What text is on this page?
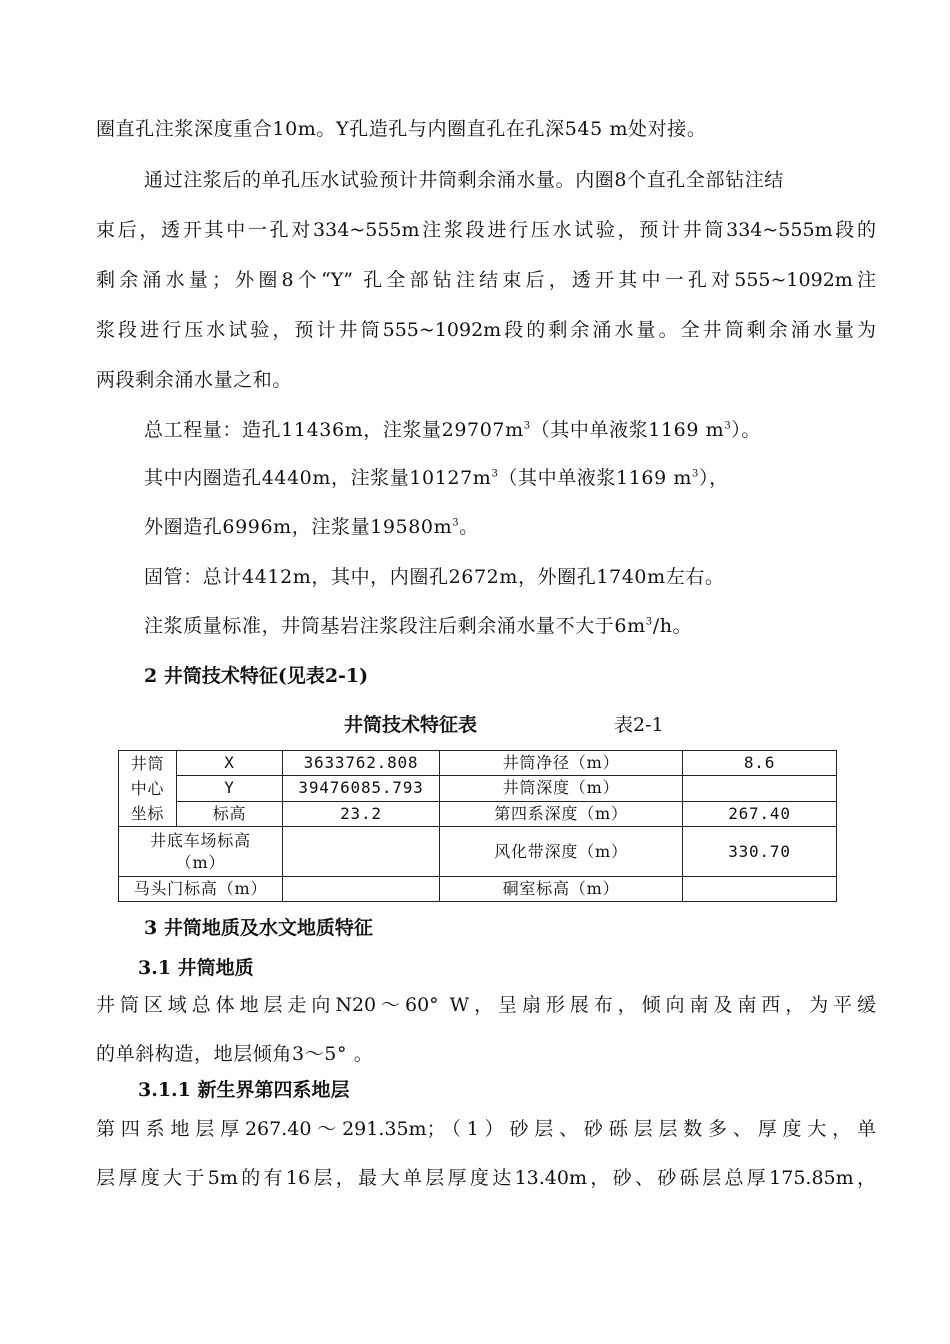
圈直孔注浆深度重合10m。Y孔造孔与内圈直孔在孔深545 m处对接。
通过注浆后的单孔压水试验预计井筒剩余涌水量。内圈8个直孔全部钻注结
束后，透开其中一孔对334~555m注浆段进行压水试验，预计井筒334~555m段的
剩余涌水量；外圈8个“Y” 孔全部钻注结束后，透开其中一孔对555~1092m注
浆段进行压水试验，预计井筒555~1092m段的剩余涌水量。全井筒剩余涌水量为
两段剩余涌水量之和。
总工程量：造孔11436m，注浆量$29707m^3$（其中单液浆1169 $m^3$）。
其中内圈造孔4440m，注浆量$10127m^3$（其中单液浆1169 $m^3$），
外圈造孔6996m，注浆量$19580m^3$。
固管：总计4412m，其中，内圈孔2672m，外圈孔1740m左右。
注浆质量标准，井筒基岩注浆段注后剩余涌水量不大于$6m^3/h$。
2 井筒技术特征(见表2-1)
井筒技术特征表	表2-1
井筒
中心
坐标	X	3633762.808	井筒净径（m）	8.6
	Y	39476085.793	井筒深度（m）	
	标高	23.2	第四系深度（m）	267.40

井底车场标高
（m）			风化带深度（m）	330.70
马头门标高（m）			硐室标高（m）	
3 井筒地质及水文地质特征
3.1 井筒地质
井筒区域总体地层走向N20～60° W，呈扇形展布，倾向南及南西，为平缓
的单斜构造，地层倾角3～5° 。
3.1.1 新生界第四系地层
第四系地层厚267.40～291.35m；（1）砂层、砂砾层层数多、厚度大，单
层厚度大于5m的有16层，最大单层厚度达13.40m，砂、砂砾层总厚175.85m，
